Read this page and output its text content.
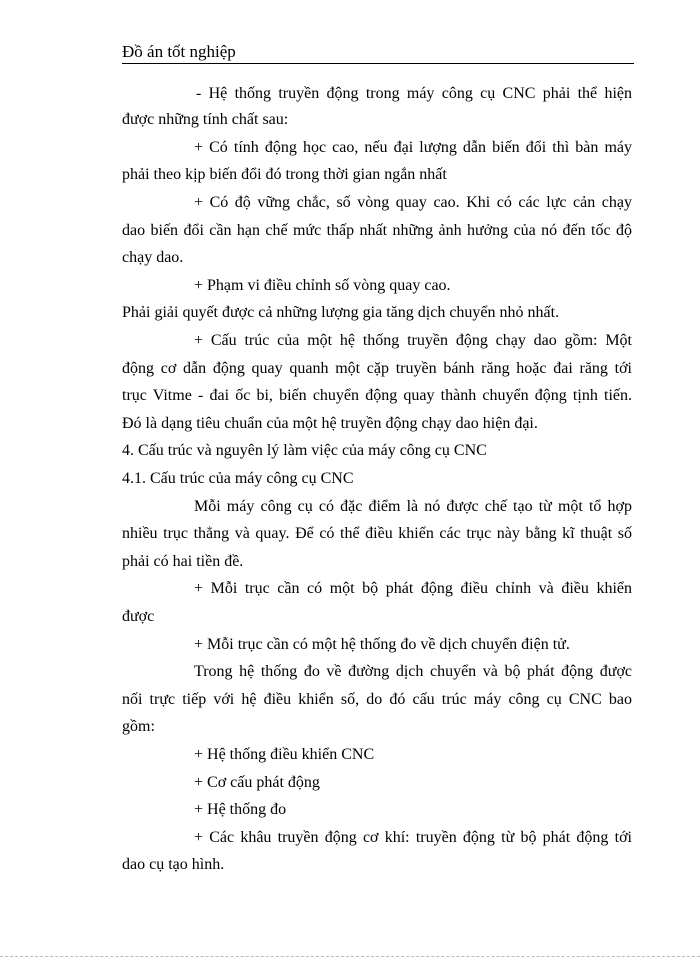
Đồ án tốt nghiệp
- Hệ thống truyền động trong máy công cụ CNC phải thể hiện
được những tính chất sau:
+ Có tính động học cao, nếu đại lượng dẫn biến đổi thì bàn máy
phải theo kịp biến đổi đó trong thời gian ngắn nhất
+ Có độ vững chắc, số vòng quay cao. Khi có các lực cản chạy
dao biến đổi cần hạn chế mức thấp nhất những ảnh hưởng của nó đến tốc độ
chạy dao.
+ Phạm vi điều chỉnh số vòng quay cao.
Phải giải quyết được cả những lượng gia tăng dịch chuyển nhỏ nhất.
+ Cấu trúc của một hệ thống truyền động chạy dao gồm: Một
động cơ dẫn động quay quanh một cặp truyền bánh răng hoặc đai răng tới
trục Vitme - đai ốc bi, biến chuyển động quay thành chuyển động tịnh tiến.
Đó là dạng tiêu chuẩn của một hệ truyền động chạy dao hiện đại.
4. Cấu trúc và nguyên lý làm việc của máy công cụ CNC
4.1. Cấu trúc của máy công cụ CNC
Mỗi máy công cụ có đặc điểm là nó được chế tạo từ một tổ hợp
nhiều trục thẳng và quay. Để có thể điều khiển các trục này bằng kĩ thuật số
phải có hai tiền đề.
+ Mỗi trục cần có một bộ phát động điều chỉnh và điều khiển
được
+ Mỗi trục cần có một hệ thống đo về dịch chuyển điện tử.
Trong hệ thống đo về đường dịch chuyển và bộ phát động được
nối trực tiếp với hệ điều khiển số, do đó cấu trúc máy công cụ CNC bao
gồm:
+ Hệ thống điều khiển CNC
+ Cơ cấu phát động
+ Hệ thống đo
+ Các khâu truyền động cơ khí: truyền động từ bộ phát động tới
dao cụ tạo hình.
